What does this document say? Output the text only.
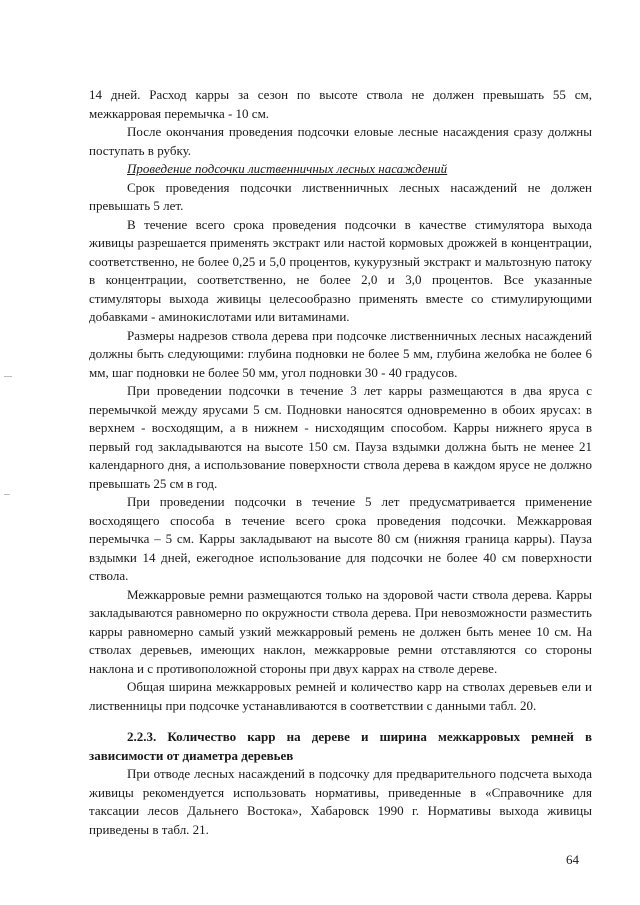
14 дней. Расход карры за сезон по высоте ствола не должен превышать 55 см, межкарровая перемычка - 10 см.

После окончания проведения подсочки еловые лесные насаждения сразу должны поступать в рубку.

Проведение подсочки лиственничных лесных насаждений

Срок проведения подсочки лиственничных лесных насаждений не должен превышать 5 лет.

В течение всего срока проведения подсочки в качестве стимулятора выхода живицы разрешается применять экстракт или настой кормовых дрожжей в концентрации, соответственно, не более 0,25 и 5,0 процентов, кукурузный экстракт и мальтозную патоку в концентрации, соответственно, не более 2,0 и 3,0 процентов. Все указанные стимуляторы выхода живицы целесообразно применять вместе со стимулирующими добавками - аминокислотами или витаминами.

Размеры надрезов ствола дерева при подсочке лиственничных лесных насаждений должны быть следующими: глубина подновки не более 5 мм, глубина желобка не более 6 мм, шаг подновки не более 50 мм, угол подновки 30 - 40 градусов.

При проведении подсочки в течение 3 лет карры размещаются в два яруса с перемычкой между ярусами 5 см. Подновки наносятся одновременно в обоих ярусах: в верхнем - восходящим, а в нижнем - нисходящим способом. Карры нижнего яруса в первый год закладываются на высоте 150 см. Пауза вздымки должна быть не менее 21 календарного дня, а использование поверхности ствола дерева в каждом ярусе не должно превышать 25 см в год.

При проведении подсочки в течение 5 лет предусматривается применение восходящего способа в течение всего срока проведения подсочки. Межкарровая перемычка – 5 см. Карры закладывают на высоте 80 см (нижняя граница карры). Пауза вздымки 14 дней, ежегодное использование для подсочки не более 40 см поверхности ствола.

Межкарровые ремни размещаются только на здоровой части ствола дерева. Карры закладываются равномерно по окружности ствола дерева. При невозможности разместить карры равномерно самый узкий межкарровый ремень не должен быть менее 10 см. На стволах деревьев, имеющих наклон, межкарровые ремни отставляются со стороны наклона и с противоположной стороны при двух каррах на стволе дереве.

Общая ширина межкарровых ремней и количество карр на стволах деревьев ели и лиственницы при подсочке устанавливаются в соответствии с данными табл. 20.

2.2.3. Количество карр на дереве и ширина межкарровых ремней в зависимости от диаметра деревьев

При отводе лесных насаждений в подсочку для предварительного подсчета выхода живицы рекомендуется использовать нормативы, приведенные в «Справочнике для таксации лесов Дальнего Востока», Хабаровск 1990 г. Нормативы выхода живицы приведены в табл. 21.

64
